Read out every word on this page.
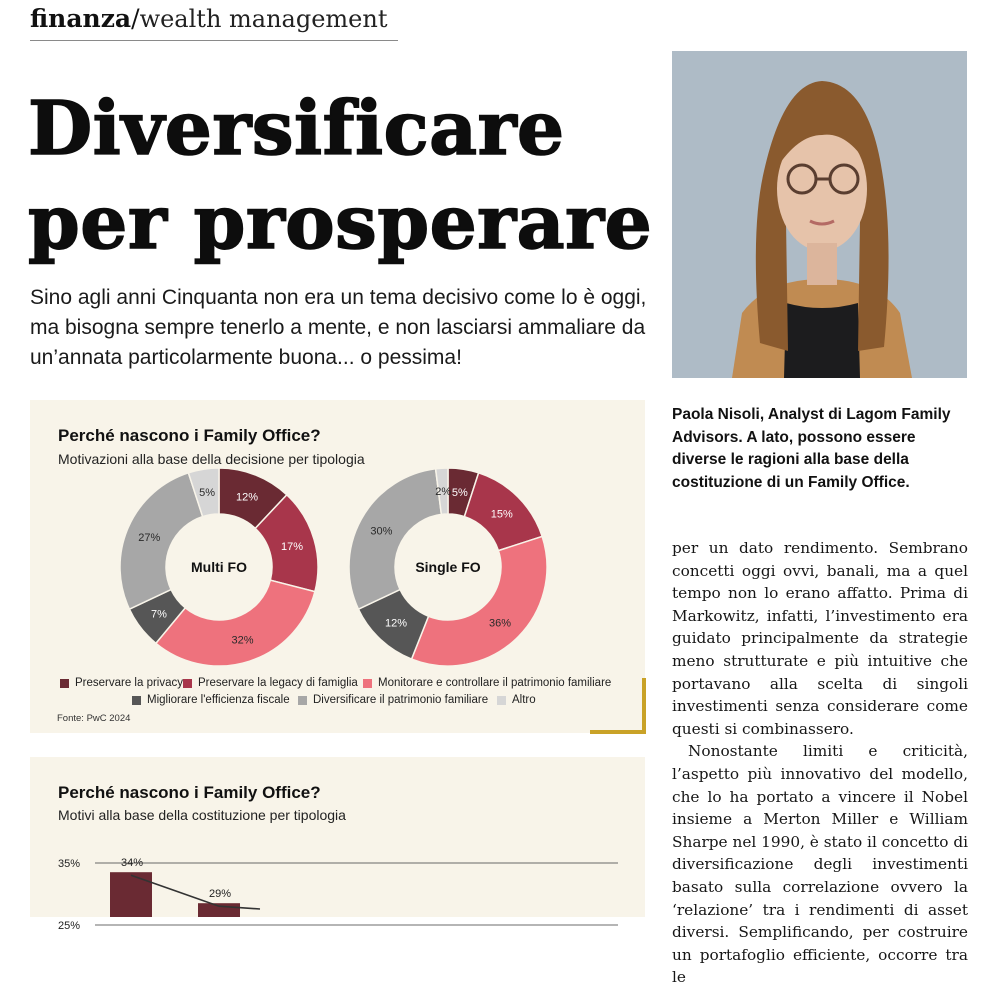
finanza/wealth management
Diversificare
per prosperare
Sino agli anni Cinquanta non era un tema decisivo come lo è oggi, ma bisogna sempre tenerlo a mente, e non lasciarsi ammaliare da un’annata particolarmente buona... o pessima!
Paola Nisoli, Analyst di Lagom Family Advisors. A lato, possono essere diverse le ragioni alla base della costituzione di un Family Office.

per un dato rendimento. Sembrano concetti oggi ovvi, banali, ma a quel tempo non lo erano affatto. Prima di Markowitz, infatti, l’investimento era guidato principalmente da strategie meno strutturate e più intuitive che portavano alla scelta di singoli investimenti senza considerare come questi si combinassero.

Nonostante limiti e criticità, l’aspetto più innovativo del modello, che lo ha portato a vincere il Nobel insieme a Merton Miller e William Sharpe nel 1990, è stato il concetto di diversificazione degli investimenti basato sulla correlazione ovvero la ‘relazione’ tra i rendimenti di asset diversi. Semplificando, per costruire un portafoglio efficiente, occorre tra le

Perché nascono i Family Office?
Motivazioni alla base della decisione per tipologia
12%
17%
32%
7%
27%
5%
Multi FO
5%
15%
36%
12%
30%
2%
Single FO
Preservare la privacy Preservare la legacy di famiglia Monitorare e controllare il patrimonio familiare
Migliorare l'efficienza fiscale Diversificare il patrimonio familiare Altro
Fonte: PwC 2024
Perché nascono i Family Office?
Motivi alla base della costituzione per tipologia
35%
25%
34%
29%
